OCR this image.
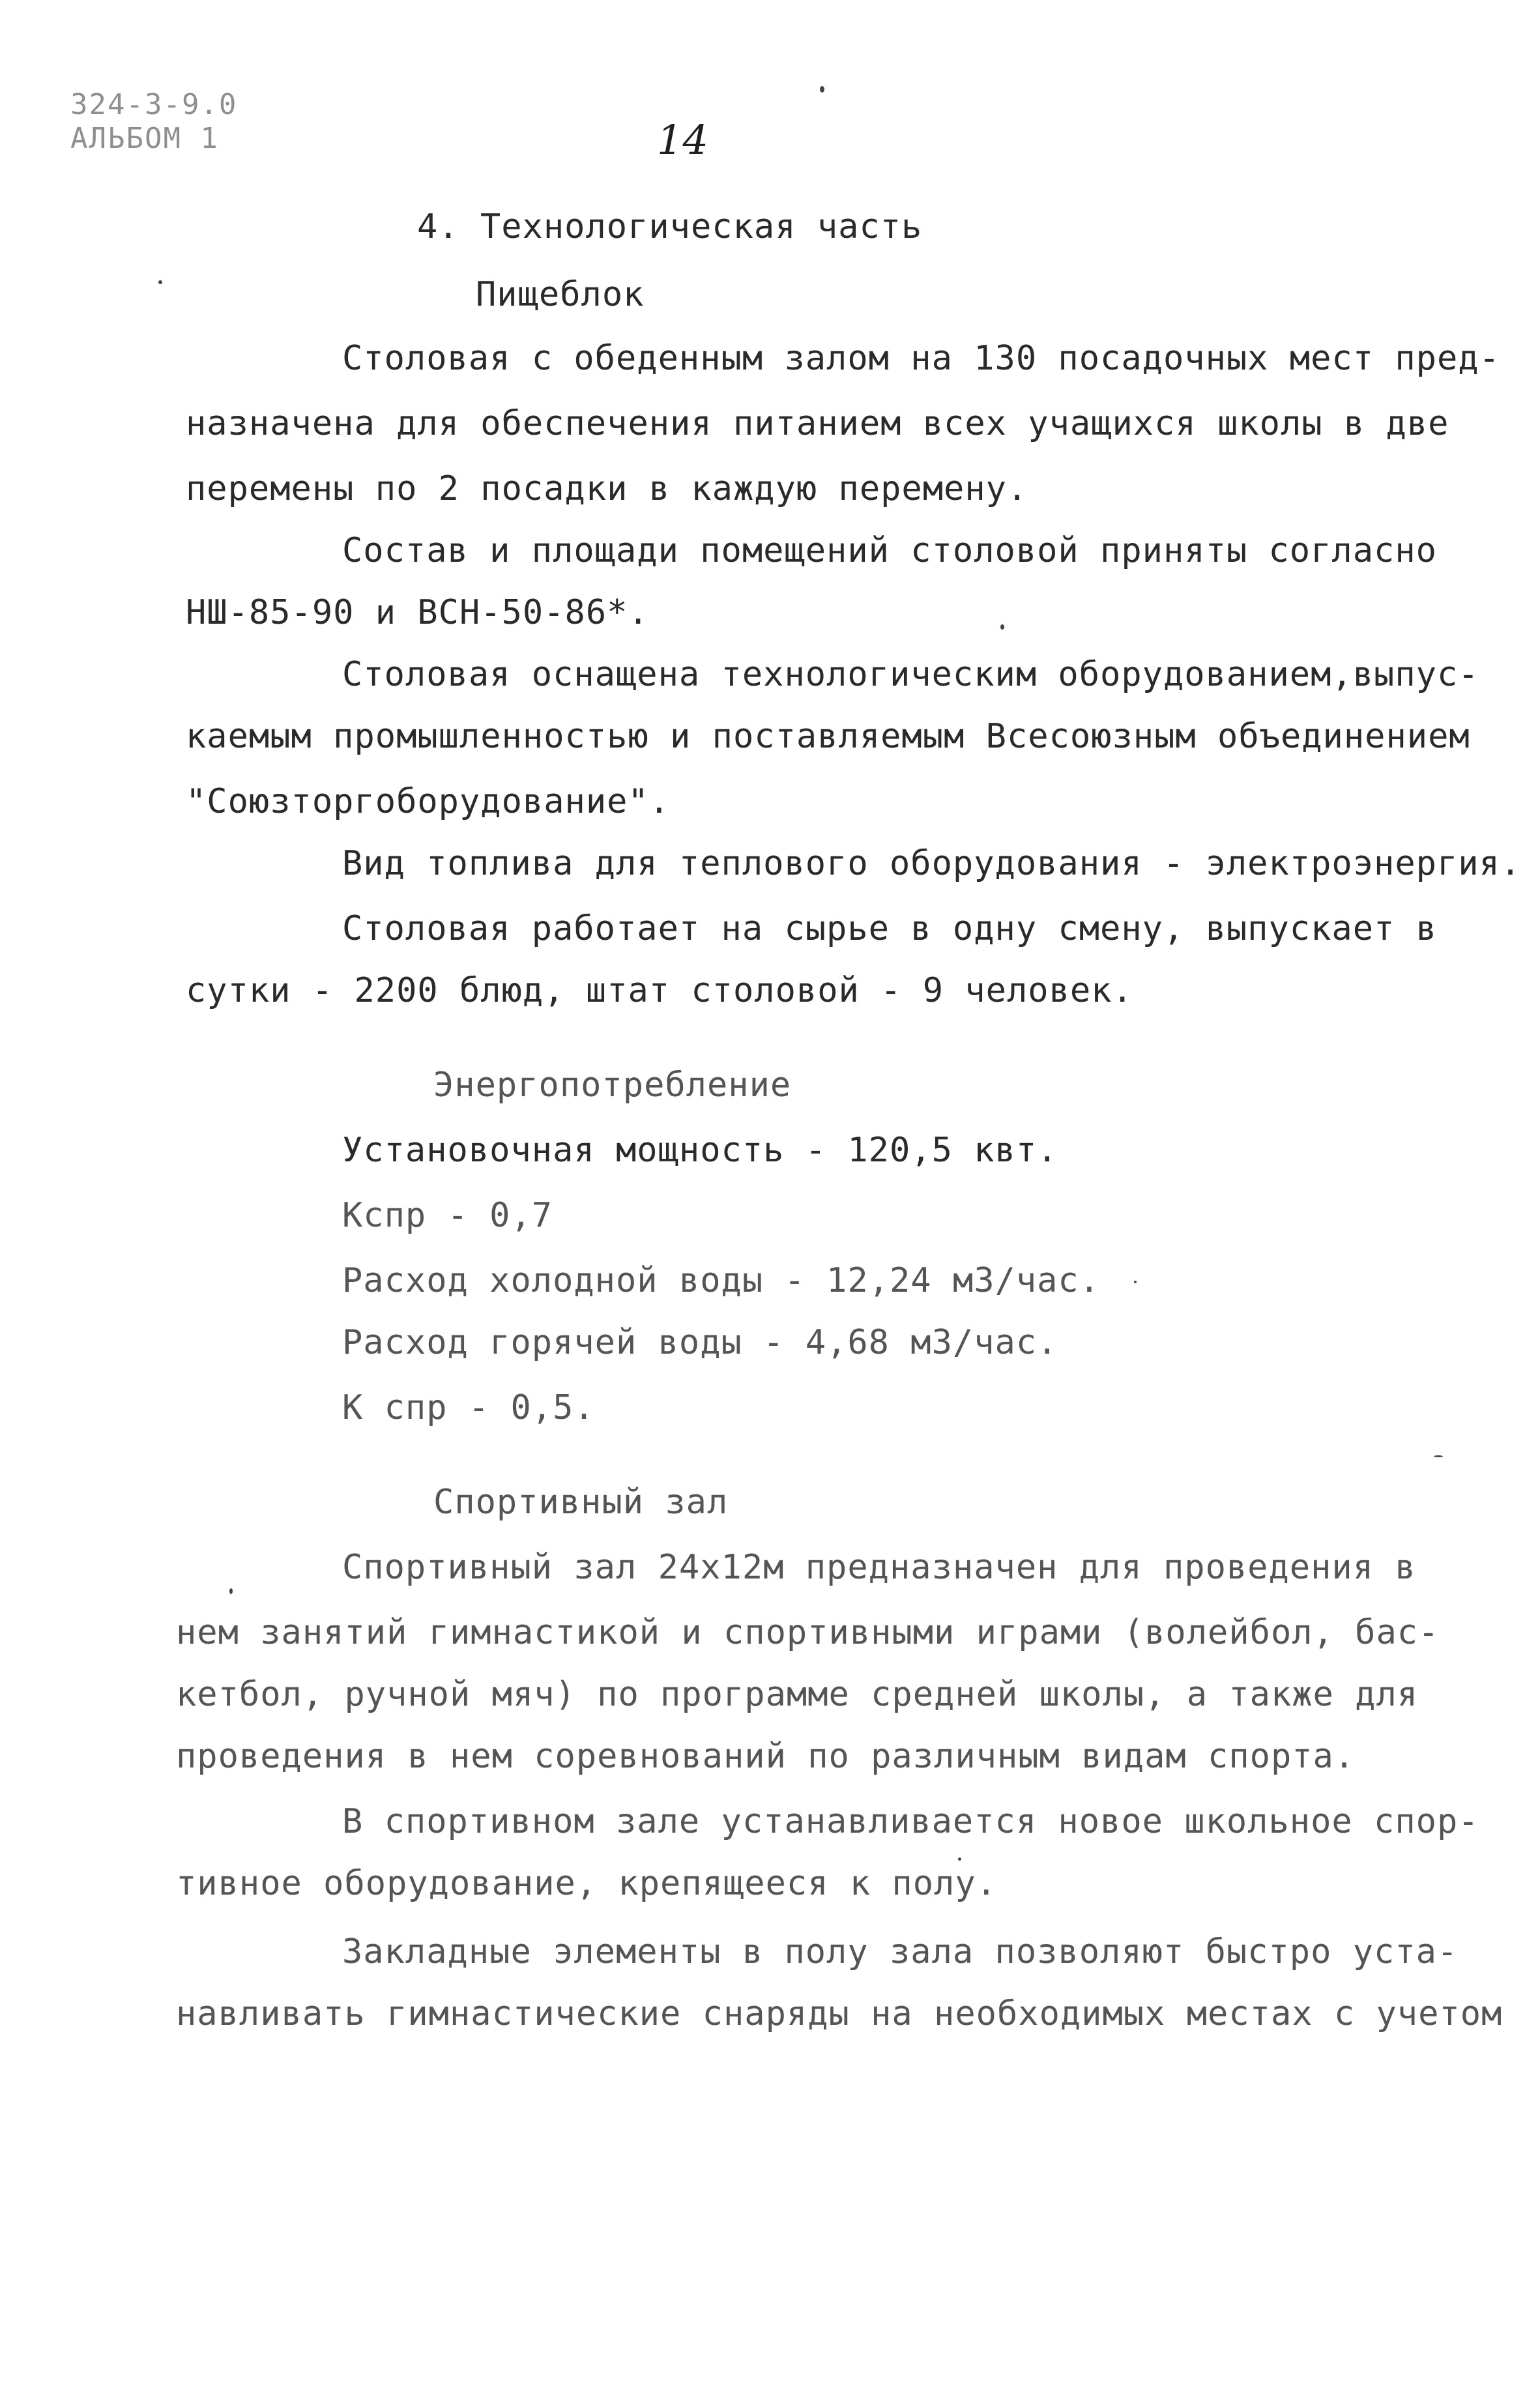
324-3-9.0
АЛЬБОМ 1	14
4. Технологическая часть
Пищеблок
Столовая с обеденным залом на 130 посадочных мест пред-
назначена для обеспечения питанием всех учащихся школы в две
перемены по 2 посадки в каждую перемену.
Состав и площади помещений столовой приняты согласно
НШ-85-90 и ВСН-50-86*.
Столовая оснащена технологическим оборудованием,выпус-
каемым промышленностью и поставляемым Всесоюзным объединением
"Союзторгоборудование".
Вид топлива для теплового оборудования - электроэнергия.
Столовая работает на сырье в одну смену, выпускает в
сутки - 2200 блюд, штат столовой - 9 человек.
Энергопотребление
Установочная мощность - 120,5 квт.
Кспр - 0,7
Расход холодной воды - 12,24 м3/час.
Расход горячей воды - 4,68 м3/час.
К спр - 0,5.
Спортивный зал
Спортивный зал 24х12м предназначен для проведения в
нем занятий гимнастикой и спортивными играми (волейбол, бас-
кетбол, ручной мяч) по программе средней школы, а также для
проведения в нем соревнований по различным видам спорта.
В спортивном зале устанавливается новое школьное спор-
тивное оборудование, крепящееся к полу.
Закладные элементы в полу зала позволяют быстро уста-
навливать гимнастические снаряды на необходимых местах с учетом
